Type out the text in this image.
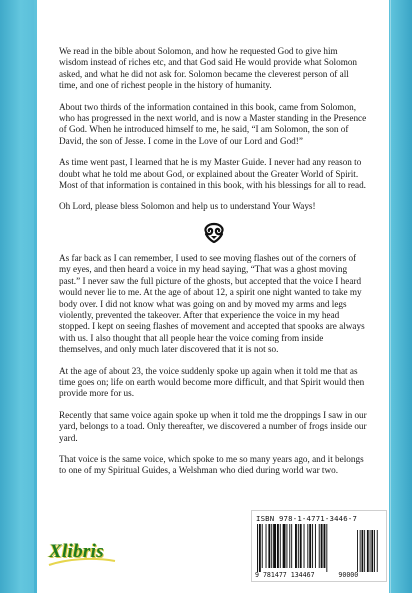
We read in the bible about Solomon, and how he requested God to give him wisdom instead of riches etc, and that God said He would provide what Solomon asked, and what he did not ask for. Solomon became the cleverest person of all time, and one of richest people in the history of humanity.

About two thirds of the information contained in this book, came from Solomon, who has progressed in the next world, and is now a Master standing in the Presence of God. When he introduced himself to me, he said, “I am Solomon, the son of David, the son of Jesse. I come in the Love of our Lord and God!”

As time went past, I learned that he is my Master Guide. I never had any reason to doubt what he told me about God, or explained about the Greater World of Spirit. Most of that information is contained in this book, with his blessings for all to read.

Oh Lord, please bless Solomon and help us to understand Your Ways!

As far back as I can remember, I used to see moving flashes out of the corners of my eyes, and then heard a voice in my head saying, “That was a ghost moving past.” I never saw the full picture of the ghosts, but accepted that the voice I heard would never lie to me. At the age of about 12, a spirit one night wanted to take my body over. I did not know what was going on and by moved my arms and legs violently, prevented the takeover. After that experience the voice in my head stopped. I kept on seeing flashes of movement and accepted that spooks are always with us. I also thought that all people hear the voice coming from inside themselves, and only much later discovered that it is not so.

At the age of about 23, the voice suddenly spoke up again when it told me that as time goes on; life on earth would become more difficult, and that Spirit would then provide more for us.

Recently that same voice again spoke up when it told me the droppings I saw in our yard, belongs to a toad. Only thereafter, we discovered a number of frogs inside our yard.

That voice is the same voice, which spoke to me so many years ago, and it belongs to one of my Spiritual Guides, a Welshman who died during world war two.

ISBN 978-1-4771-3446-7
9 781477 134467	90000
Xlibris
